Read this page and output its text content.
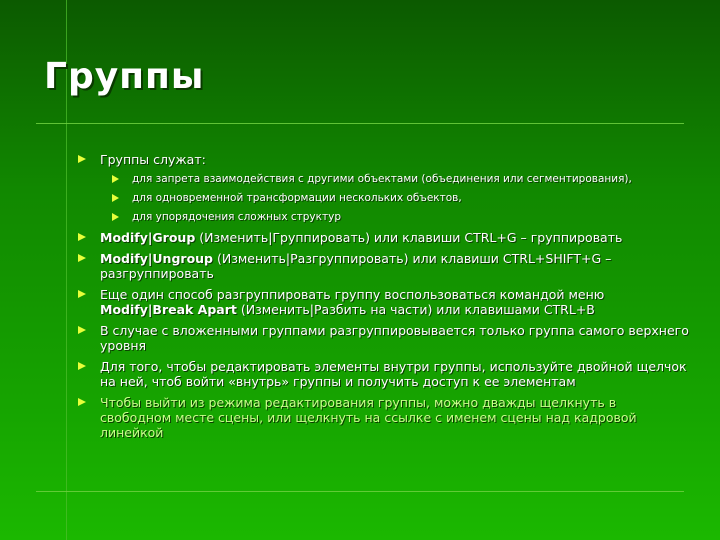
Группы
Группы служат:
для запрета взаимодействия с другими объектами (объединения или сегментирования),
для одновременной трансформации нескольких объектов,
для упорядочения сложных структур
Modify|Group (Изменить|Группировать) или клавиши CTRL+G – группировать
Modify|Ungroup (Изменить|Разгруппировать) или клавиши CTRL+SHIFT+G – разгруппировать
Еще один способ разгруппировать группу воспользоваться командой меню Modify|Break Apart (Изменить|Разбить на части) или клавишами CTRL+B
В случае с вложенными группами разгруппировывается только группа самого верхнего уровня
Для того, чтобы редактировать элементы внутри группы, используйте двойной щелчок на ней, чтоб войти «внутрь» группы и получить доступ к ее элементам
Чтобы выйти из режима редактирования группы, можно дважды щелкнуть в свободном месте сцены, или щелкнуть на ссылке с именем сцены над кадровой линейкой
